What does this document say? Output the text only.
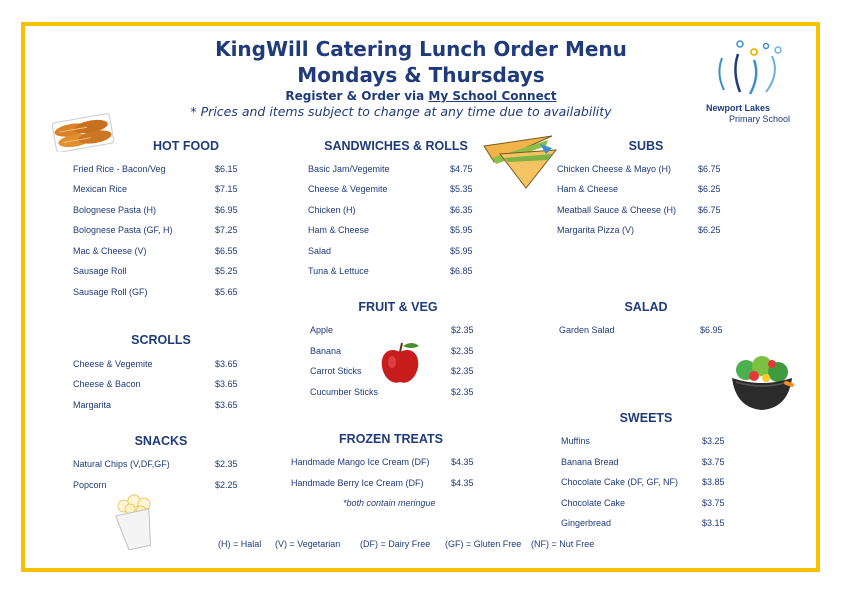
KingWill Catering Lunch Order Menu
Mondays & Thursdays
Register & Order via My School Connect
* Prices and items subject to change at any time due to availability	Newport Lakes
Primary School
HOT FOOD
Fried Rice - Bacon/Veg	$6.15
Mexican Rice	$7.15
Bolognese Pasta (H)	$6.95
Bolognese Pasta (GF, H)	$7.25
Mac & Cheese (V)	$6.55
Sausage Roll	$5.25
Sausage Roll (GF)	$5.65
SCROLLS
Cheese & Vegemite	$3.65
Cheese & Bacon	$3.65
Margarita	$3.65
SNACKS
Natural Chips (V,DF,GF)	$2.35
Popcorn	$2.25
SANDWICHES & ROLLS
Basic Jam/Vegemite	$4.75
Cheese & Vegemite	$5.35
Chicken (H)	$6.35
Ham & Cheese	$5.95
Salad	$5.95
Tuna & Lettuce	$6.85
FRUIT & VEG
Apple	$2.35
Banana	$2.35
Carrot Sticks	$2.35
Cucumber Sticks	$2.35
FROZEN TREATS
Handmade Mango Ice Cream (DF) $4.35
Handmade Berry Ice Cream (DF)	$4.35
*both contain meringue
SUBS
Chicken Cheese & Mayo (H)	$6.75
Ham & Cheese	$6.25
Meatball Sauce & Cheese (H) $6.75
Margarita Pizza (V)	$6.25
SALAD
Garden Salad	$6.95
SWEETS
Muffins	$3.25
Banana Bread	$3.75
Chocolate Cake (DF, GF, NF)	$3.85
Chocolate Cake	$3.75
Gingerbread	$3.15
(H) = Halal (V) = Vegetarian (DF) = Dairy Free (GF) = Gluten Free (NF) = Nut Free
